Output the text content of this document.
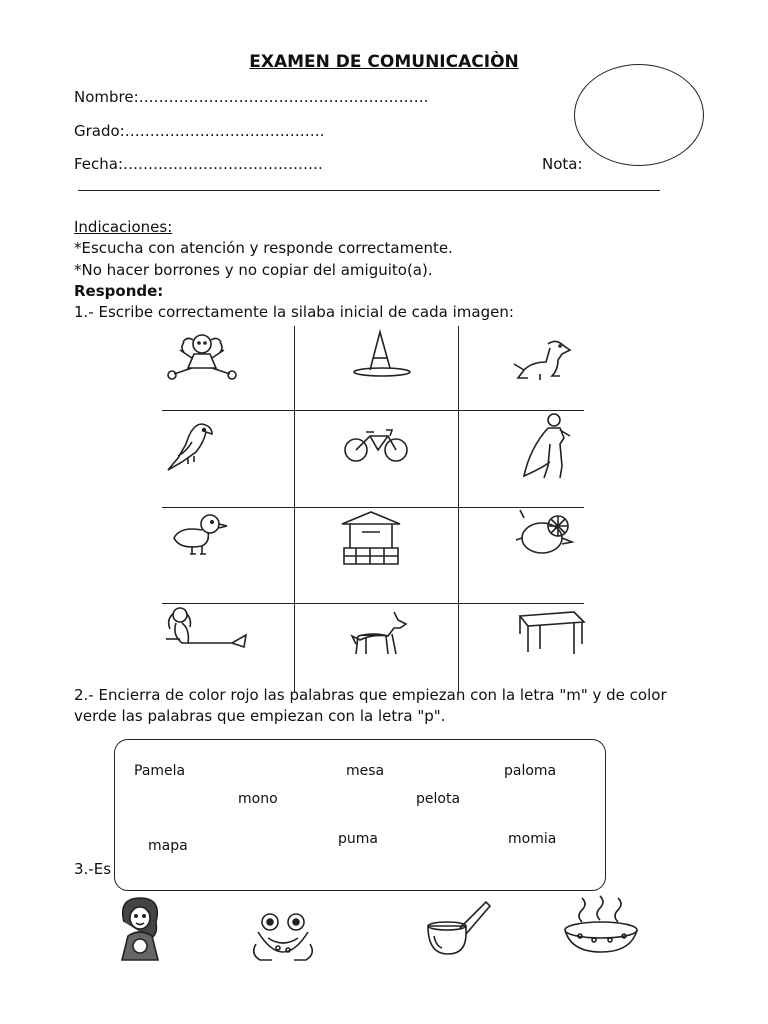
EXAMEN DE COMUNICACIÒN
Nombre:………………………………………………….
Grado:………………………………….
Fecha:………………………………….	Nota:
Indicaciones:
*Escucha con atención y responde correctamente.
*No hacer borrones y no copiar del amiguito(a).
Responde:
1.- Escribe correctamente la silaba inicial de cada imagen:
2.- Encierra de color rojo las palabras que empiezan con la letra "m" y de color
verde las palabras que empiezan con la letra "p".
3.-Es
Pamela	mesa	paloma
mono	pelota
mapa	puma	momia
